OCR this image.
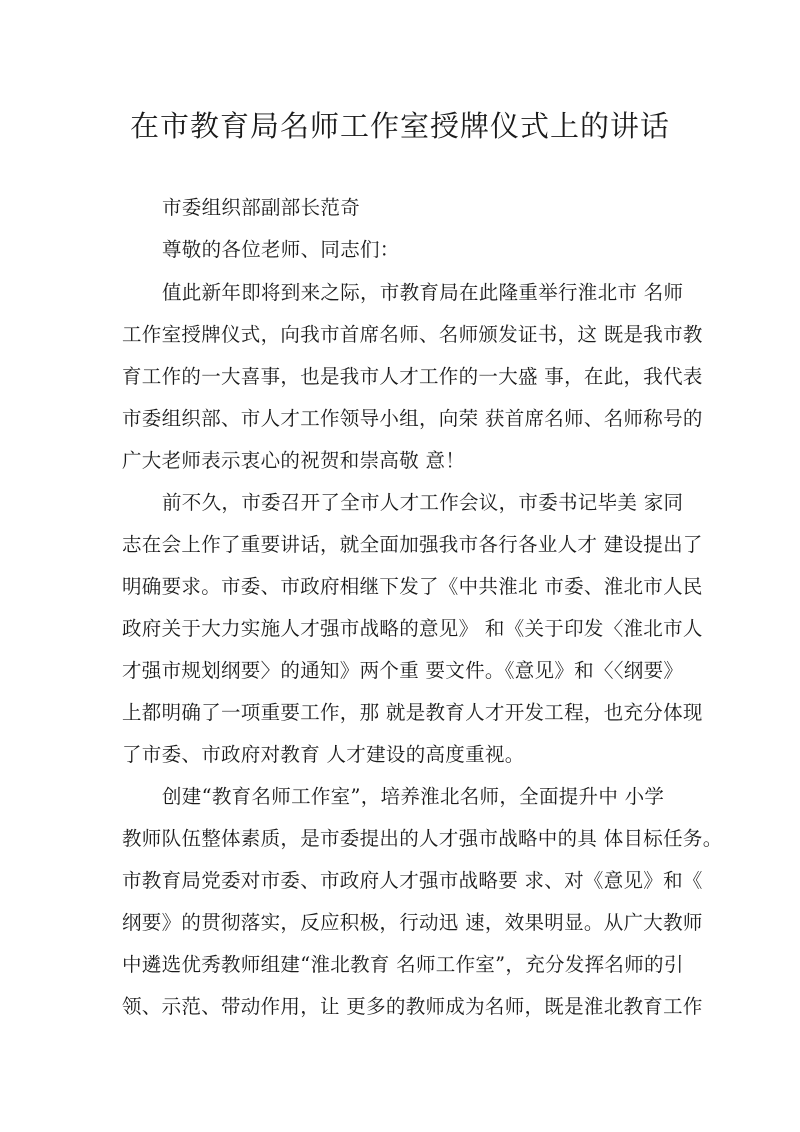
在市教育局名师工作室授牌仪式上的讲话

市委组织部副部长范奇

尊敬的各位老师、同志们：

值此新年即将到来之际，市教育局在此隆重举行淮北市 名师

工作室授牌仪式，向我市首席名师、名师颁发证书，这 既是我市教

育工作的一大喜事，也是我市人才工作的一大盛 事，在此，我代表

市委组织部、市人才工作领导小组，向荣 获首席名师、名师称号的

广大老师表示衷心的祝贺和崇高敬 意！

前不久，市委召开了全市人才工作会议，市委书记毕美 家同

志在会上作了重要讲话，就全面加强我市各行各业人才 建设提出了

明确要求。市委、市政府相继下发了《中共淮北 市委、淮北市人民

政府关于大力实施人才强市战略的意见》 和《关于印发〈淮北市人

才强市规划纲要〉的通知》两个重 要文件。《意见》和〈〈纲要》

上都明确了一项重要工作，那 就是教育人才开发工程，也充分体现

了市委、市政府对教育 人才建设的高度重视。

创建“教育名师工作室”，培养淮北名师，全面提升中 小学

教师队伍整体素质，是市委提出的人才强市战略中的具 体目标任务。

市教育局党委对市委、市政府人才强市战略要 求、对《意见》和《

纲要》的贯彻落实，反应积极，行动迅 速，效果明显。从广大教师

中遴选优秀教师组建“淮北教育 名师工作室”，充分发挥名师的引

领、示范、带动作用，让 更多的教师成为名师，既是淮北教育工作
